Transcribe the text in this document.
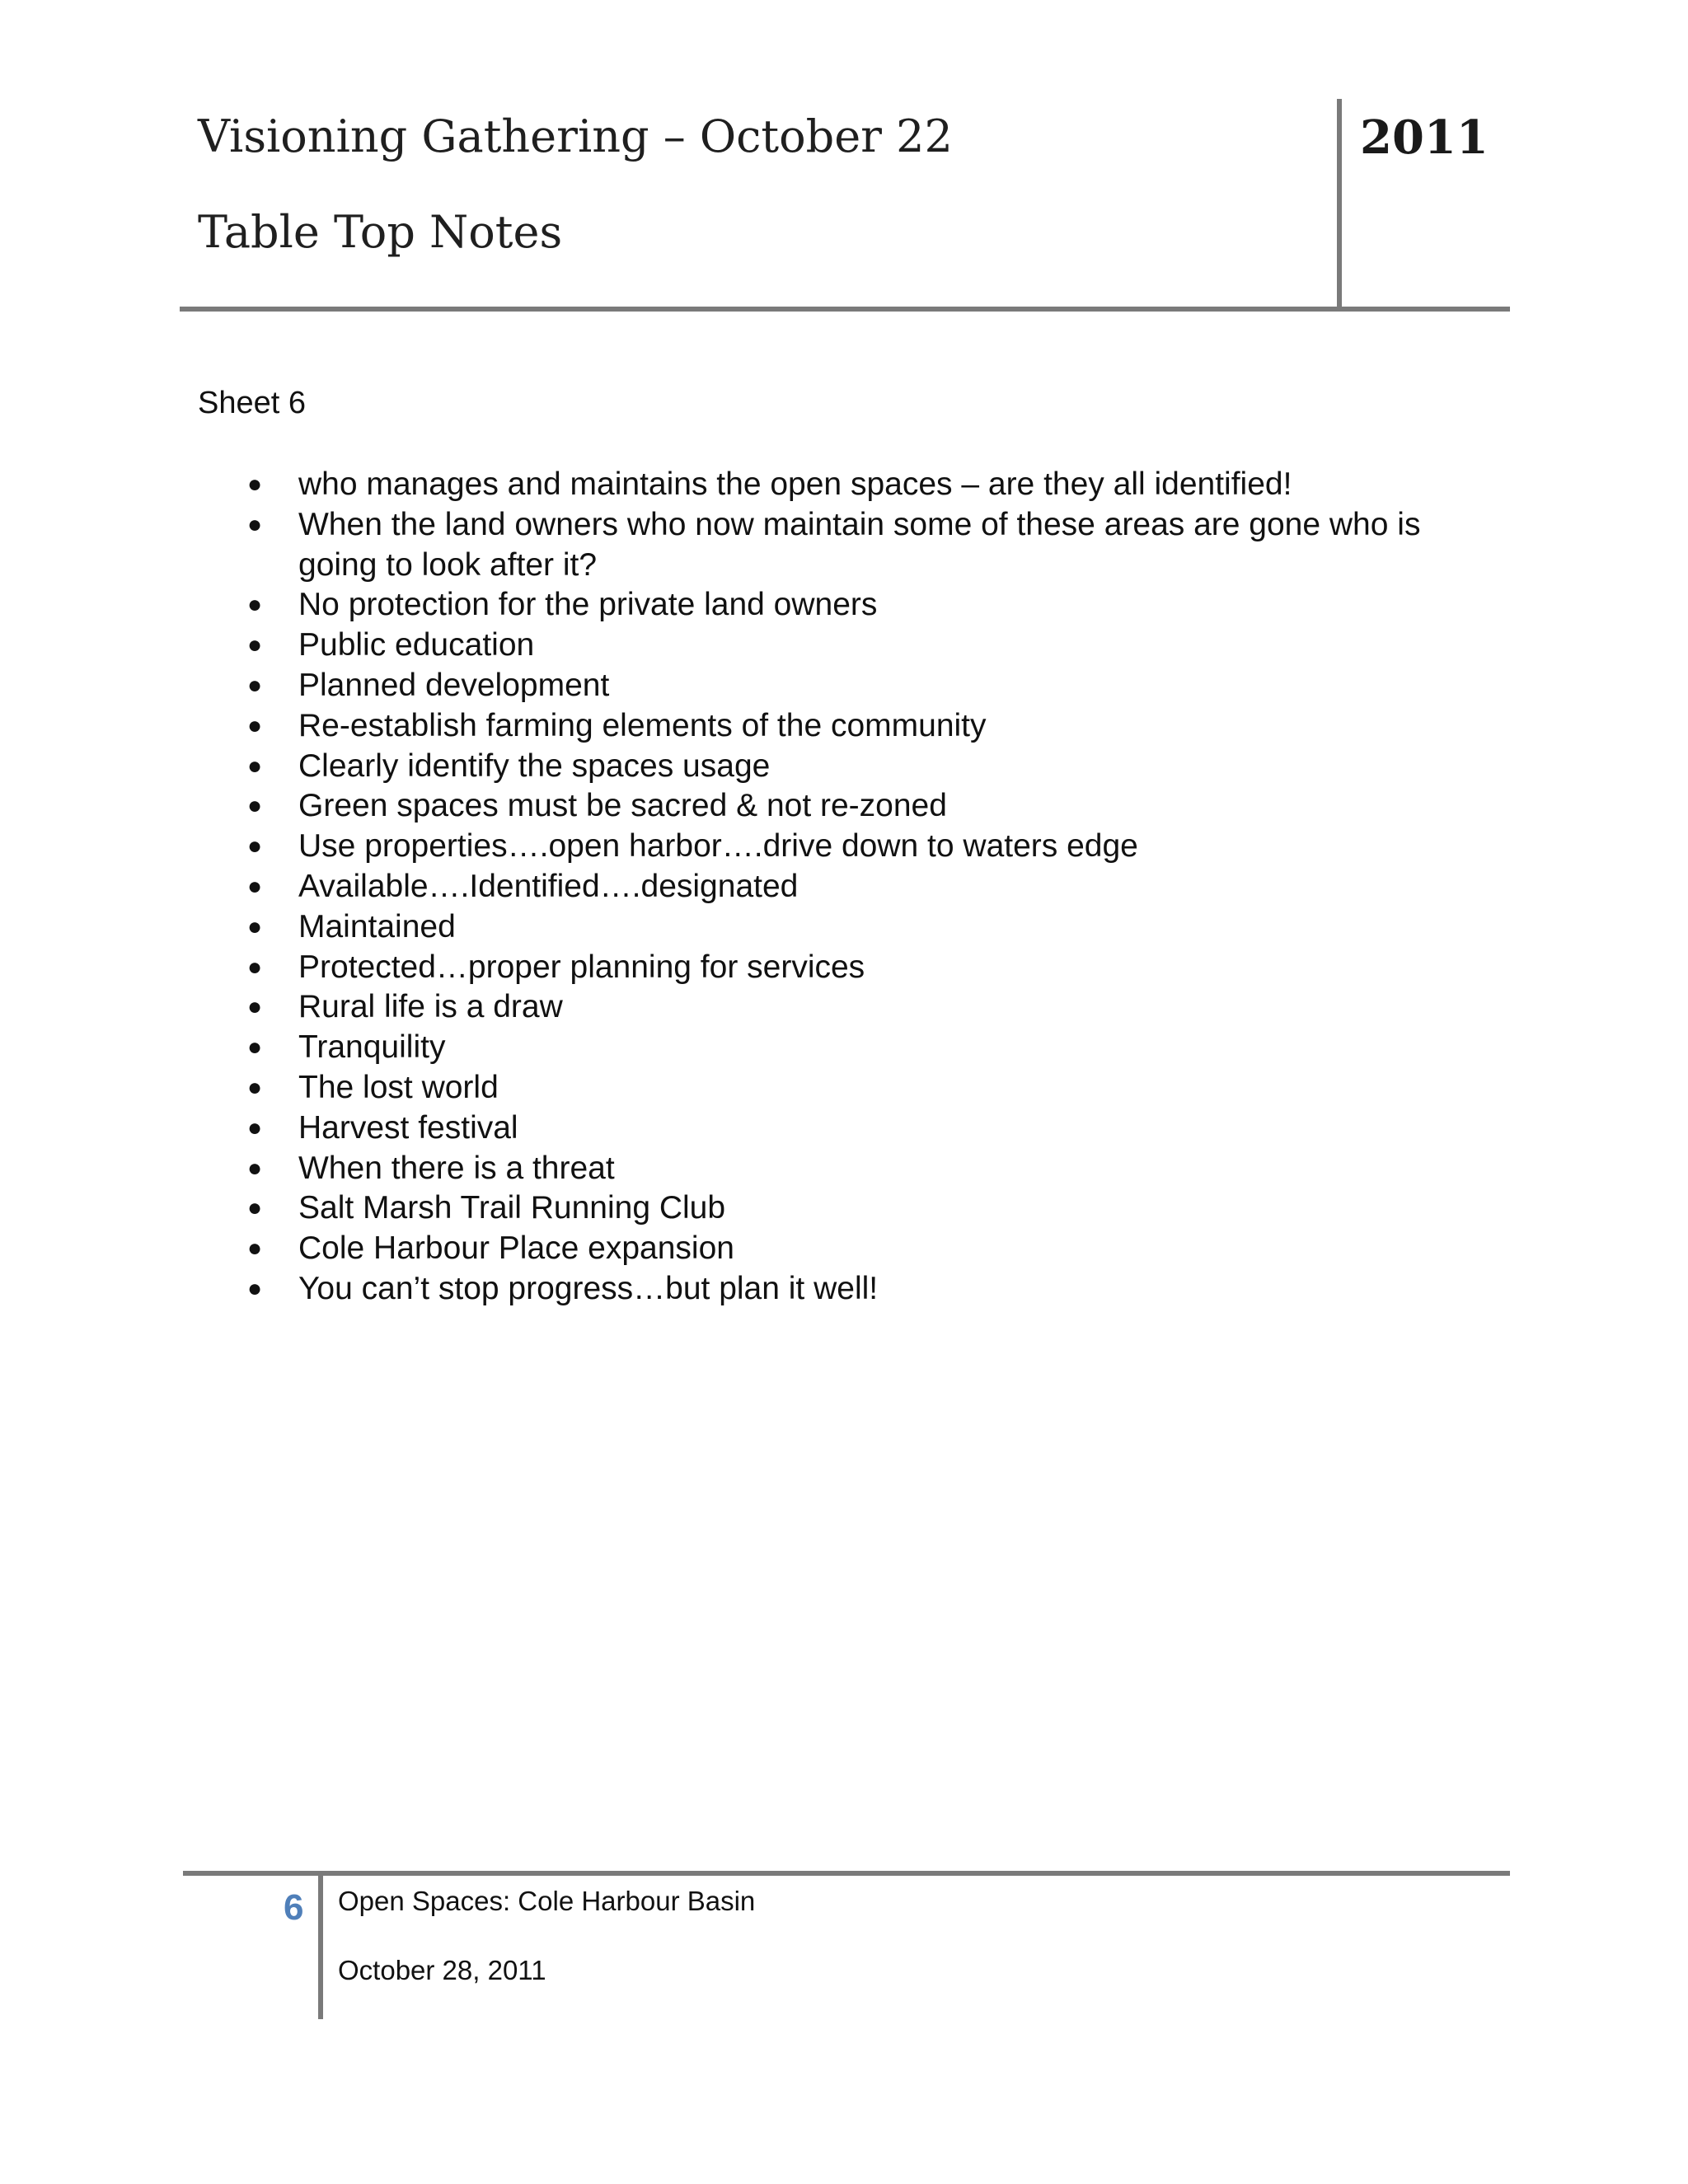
Visioning Gathering – October 22
Table Top Notes
2011
Sheet 6
● who manages and maintains the open spaces – are they all identified!
● When the land owners who now maintain some of these areas are gone who is going to look after it?
● No protection for the private land owners
● Public education
● Planned development
● Re-establish farming elements of the community
● Clearly identify the spaces usage
● Green spaces must be sacred & not re-zoned
● Use properties….open harbor….drive down to waters edge
● Available….Identified….designated
● Maintained
● Protected…proper planning for services
● Rural life is a draw
● Tranquility
● The lost world
● Harvest festival
● When there is a threat
● Salt Marsh Trail Running Club
● Cole Harbour Place expansion
● You can’t stop progress…but plan it well!
6 Open Spaces: Cole Harbour Basin
October 28, 2011
